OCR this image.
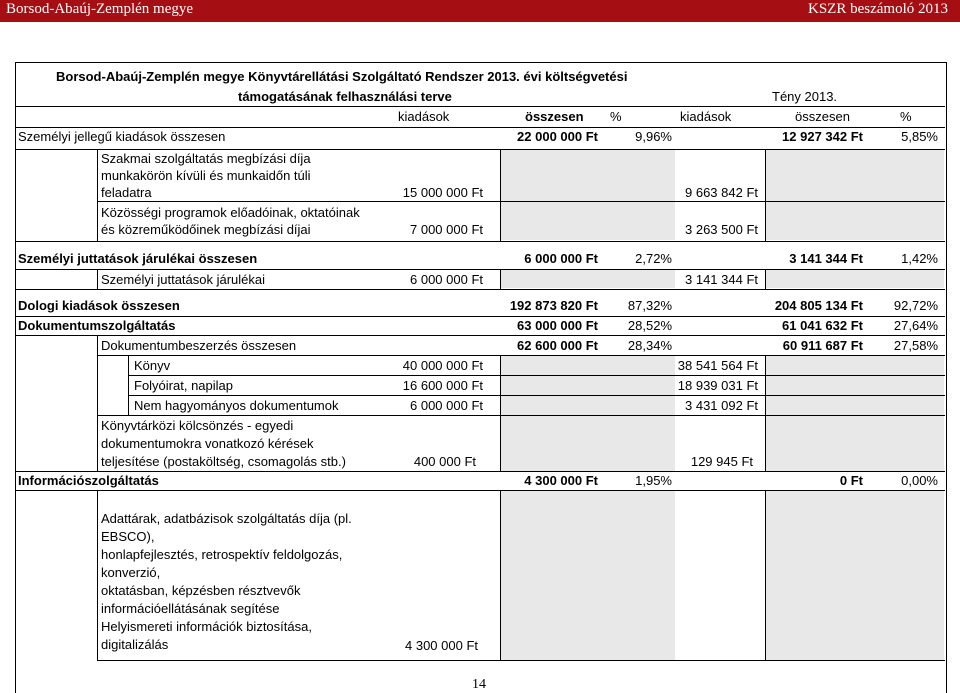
Borsod-Abaúj-Zemplén megye	KSZR beszámoló 2013
Borsod-Abaúj-Zemplén megye Könyvtárellátási Szolgáltató Rendszer 2013. évi költségvetési
támogatásának felhasználási terve	Tény 2013.
kiadások	összesen %	kiadások	összesen	%
Személyi jellegű kiadások összesen	22 000 000 Ft	9,96%	12 927 342 Ft	5,85%
Szakmai szolgáltatás megbízási díja
munkakörön kívüli és munkaidőn túli
feladatra	15 000 000 Ft	9 663 842 Ft
Közösségi programok előadóinak, oktatóinak
és közreműködőinek megbízási díjai	7 000 000 Ft	3 263 500 Ft
Személyi juttatások járulékai összesen	6 000 000 Ft	2,72%	3 141 344 Ft	1,42%
Személyi juttatások járulékai	6 000 000 Ft	3 141 344 Ft
Dologi kiadások összesen	192 873 820 Ft	87,32%	204 805 134 Ft	92,72%
Dokumentumszolgáltatás	63 000 000 Ft	28,52%	61 041 632 Ft	27,64%
Dokumentumbeszerzés összesen	62 600 000 Ft	28,34%	60 911 687 Ft	27,58%
Könyv	40 000 000 Ft	38 541 564 Ft
Folyóirat, napilap	16 600 000 Ft	18 939 031 Ft
Nem hagyományos dokumentumok	6 000 000 Ft	3 431 092 Ft
Könyvtárközi kölcsönzés - egyedi
dokumentumokra vonatkozó kérések
teljesítése (postaköltség, csomagolás stb.)	400 000 Ft	129 945 Ft
Információszolgáltatás	4 300 000 Ft	1,95%	0 Ft	0,00%
Adattárak, adatbázisok szolgáltatás díja (pl.
EBSCO),
honlapfejlesztés, retrospektív feldolgozás,
konverzió,
oktatásban, képzésben résztvevők
információellátásának segítése
Helyismereti információk biztosítása,
digitalizálás	4 300 000 Ft
14
